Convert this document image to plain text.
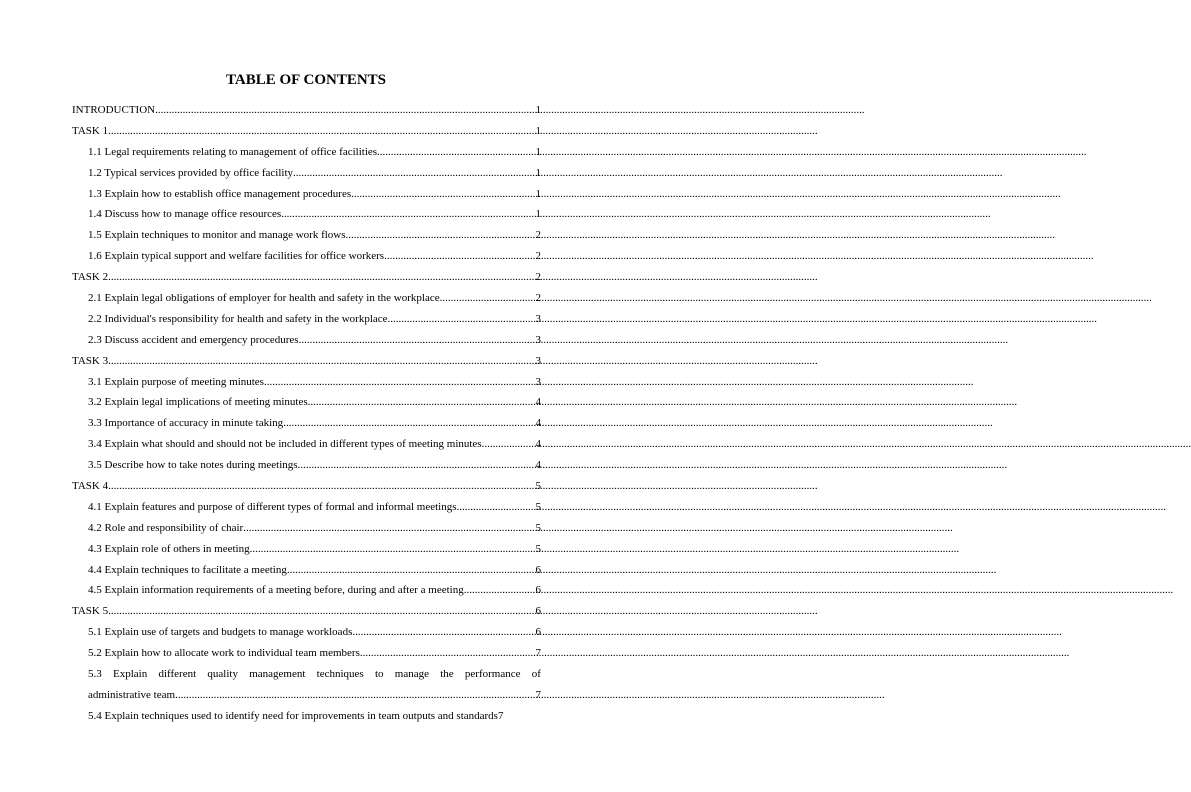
TABLE OF CONTENTS
INTRODUCTION .....	1
TASK 1 .....	1
1.1 Legal requirements relating to management of office facilities .....	1
1.2 Typical services provided by office facility .....	1
1.3 Explain how to establish office management procedures .....	1
1.4 Discuss how to manage office resources .....	1
1.5 Explain techniques to monitor and manage work flows .....	2
1.6 Explain typical support and welfare facilities for office workers .....	2
TASK 2 .....	2
2.1 Explain legal obligations of employer for health and safety in the workplace. .....	2
2.2 Individual's responsibility for health and safety in the workplace .....	3
2.3 Discuss accident and emergency procedures .....	3
TASK 3 .....	3
3.1 Explain purpose of meeting minutes .....	3
3.2 Explain legal implications of meeting minutes .....	4
3.3 Importance of accuracy in minute taking .....	4
3.4 Explain what should and should not be included in different types of meeting minutes .....	4
3.5 Describe how to take notes during meetings .....	4
TASK 4 .....	5
4.1 Explain features and purpose of different types of formal and informal meetings .....	5
4.2 Role and responsibility of chair .....	5
4.3 Explain role of others in meeting .....	5
4.4 Explain techniques to facilitate a meeting .....	6
4.5 Explain information requirements of a meeting before, during and after a meeting .....	6
TASK 5 .....	6
5.1 Explain use of targets and budgets to manage workloads .....	6
5.2 Explain how to allocate work to individual team members .....	7
5.3 Explain different quality management techniques to manage the performance of
administrative team .....	7
5.4 Explain techniques used to identify need for improvements in team outputs and standards 7
